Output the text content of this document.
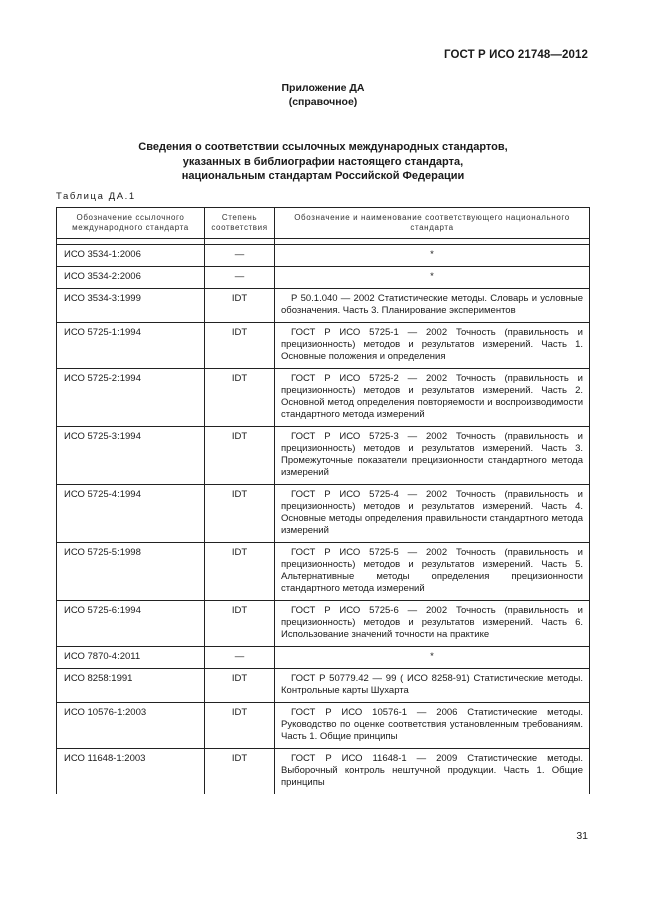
ГОСТ Р ИСО 21748—2012
Приложение ДА
(справочное)
Сведения о соответствии ссылочных международных стандартов,
указанных в библиографии настоящего стандарта,
национальным стандартам Российской Федерации
Таблица ДА.1
Обозначение ссылочного международного стандарта	Степень соответствия	Обозначение и наименование соответствующего национального стандарта

ИСО 3534-1:2006	—	*
ИСО 3534-2:2006	—	*
ИСО 3534-3:1999	IDT	Р 50.1.040 — 2002 Статистические методы. Словарь и условные обозначения. Часть 3. Планирование экспериментов
ИСО 5725-1:1994	IDT	ГОСТ Р ИСО 5725-1 — 2002 Точность (правильность и прецизионность) методов и результатов измерений. Часть 1. Основные положения и определения
ИСО 5725-2:1994	IDT	ГОСТ Р ИСО 5725-2 — 2002 Точность (правильность и прецизионность) методов и результатов измерений. Часть 2. Основной метод определения повторяемости и воспроизводимости стандартного метода измерений
ИСО 5725-3:1994	IDT	ГОСТ Р ИСО 5725-3 — 2002 Точность (правильность и прецизионность) методов и результатов измерений. Часть 3. Промежуточные показатели прецизионности стандартного метода измерений
ИСО 5725-4:1994	IDT	ГОСТ Р ИСО 5725-4 — 2002 Точность (правильность и прецизионность) методов и результатов измерений. Часть 4. Основные методы определения правильности стандартного метода измерений
ИСО 5725-5:1998	IDT	ГОСТ Р ИСО 5725-5 — 2002 Точность (правильность и прецизионность) методов и результатов измерений. Часть 5. Альтернативные методы определения прецизионности стандартного метода измерений
ИСО 5725-6:1994	IDT	ГОСТ Р ИСО 5725-6 — 2002 Точность (правильность и прецизионность) методов и результатов измерений. Часть 6. Использование значений точности на практике
ИСО 7870-4:2011	—	*
ИСО 8258:1991	IDT	ГОСТ Р 50779.42 — 99 ( ИСО 8258-91) Статистические методы. Контрольные карты Шухарта
ИСО 10576-1:2003	IDT	ГОСТ Р ИСО 10576-1 — 2006 Статистические методы. Руководство по оценке соответствия установленным требованиям. Часть 1. Общие принципы
ИСО 11648-1:2003	IDT	ГОСТ Р ИСО 11648-1 — 2009 Статистические методы. Выборочный контроль нештучной продукции. Часть 1. Общие принципы
31
